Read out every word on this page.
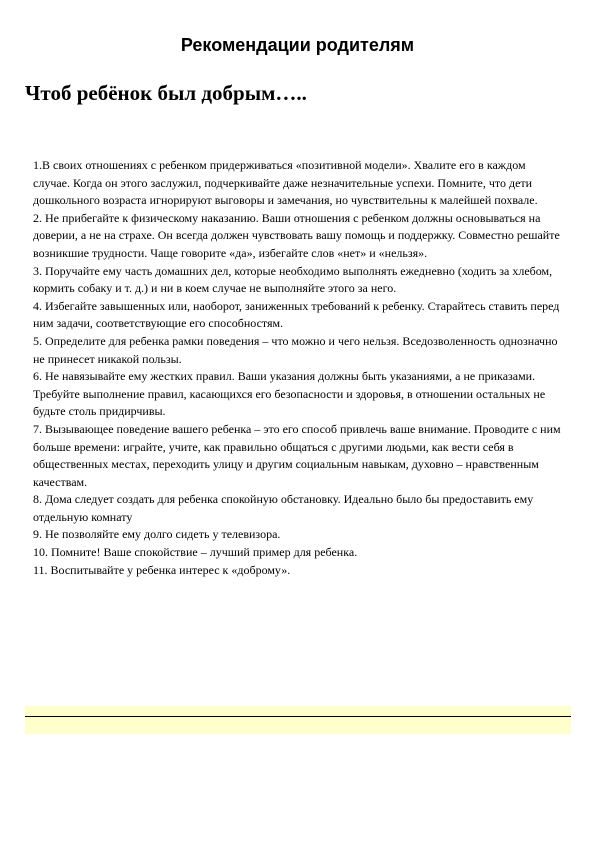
Рекомендации родителям
Чтоб ребёнок был добрым…..

1.В своих отношениях с ребенком придерживаться «позитивной модели». Хвалите его в каждом случае. Когда он этого заслужил, подчеркивайте даже незначительные успехи. Помните, что дети дошкольного возраста игнорируют выговоры и замечания, но чувствительны к малейшей похвале.

2. Не прибегайте к физическому наказанию. Ваши отношения с ребенком должны основываться на доверии, а не на страхе. Он всегда должен чувствовать вашу помощь и поддержку. Совместно решайте возникшие трудности. Чаще говорите «да», избегайте слов «нет» и «нельзя».

3. Поручайте ему часть домашних дел, которые необходимо выполнять ежедневно (ходить за хлебом, кормить собаку и т. д.) и ни в коем случае не выполняйте этого за него.

4. Избегайте завышенных или, наоборот, заниженных требований к ребенку. Старайтесь ставить перед ним задачи, соответствующие его способностям.

5. Определите для ребенка рамки поведения – что можно и чего нельзя. Вседозволенность однозначно не принесет никакой пользы.

6. Не навязывайте ему жестких правил. Ваши указания должны быть указаниями, а не приказами. Требуйте выполнение правил, касающихся его безопасности и здоровья, в отношении остальных не будьте столь придирчивы.

7. Вызывающее поведение вашего ребенка – это его способ привлечь ваше внимание. Проводите с ним больше времени: играйте, учите, как правильно общаться с другими людьми, как вести себя в общественных местах, переходить улицу и другим социальным навыкам, духовно – нравственным качествам.

8. Дома следует создать для ребенка спокойную обстановку. Идеально было бы предоставить ему отдельную комнату

9. Не позволяйте ему долго сидеть у телевизора.

10. Помните! Ваше спокойствие – лучший пример для ребенка.

11. Воспитывайте у ребенка интерес к «доброму».
